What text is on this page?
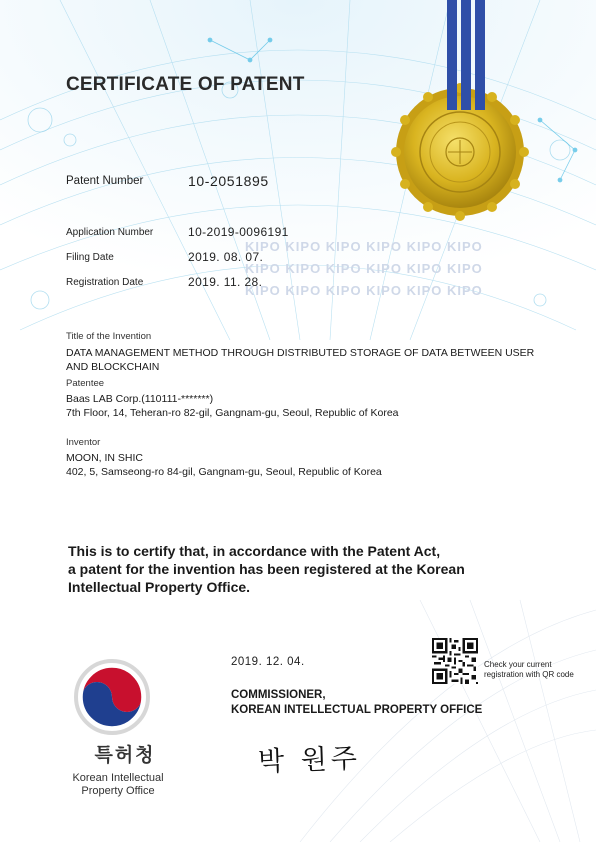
KIPO KIPO KIPO KIPO KIPO KIPO
KIPO KIPO KIPO KIPO KIPO KIPO
KIPO KIPO KIPO KIPO KIPO KIPO
CERTIFICATE OF PATENT
Patent Number	10-2051895
Application Number	10-2019-0096191
Filing Date	2019. 08. 07.
Registration Date	2019. 11. 28.
Title of the Invention
DATA MANAGEMENT METHOD THROUGH DISTRIBUTED STORAGE OF DATA BETWEEN USER
AND BLOCKCHAIN
Patentee
Baas LAB Corp.(110111-*******)
7th Floor, 14, Teheran-ro 82-gil, Gangnam-gu, Seoul, Republic of Korea
Inventor
MOON, IN SHIC
402, 5, Samseong-ro 84-gil, Gangnam-gu, Seoul, Republic of Korea
This is to certify that, in accordance with the Patent Act,
a patent for the invention has been registered at the Korean
Intellectual Property Office.
2019. 12. 04.	Check your current
registration with QR code
COMMISSIONER,
KOREAN INTELLECTUAL PROPERTY OFFICE
박 원주
특허청
Korean Intellectual
Property Office
